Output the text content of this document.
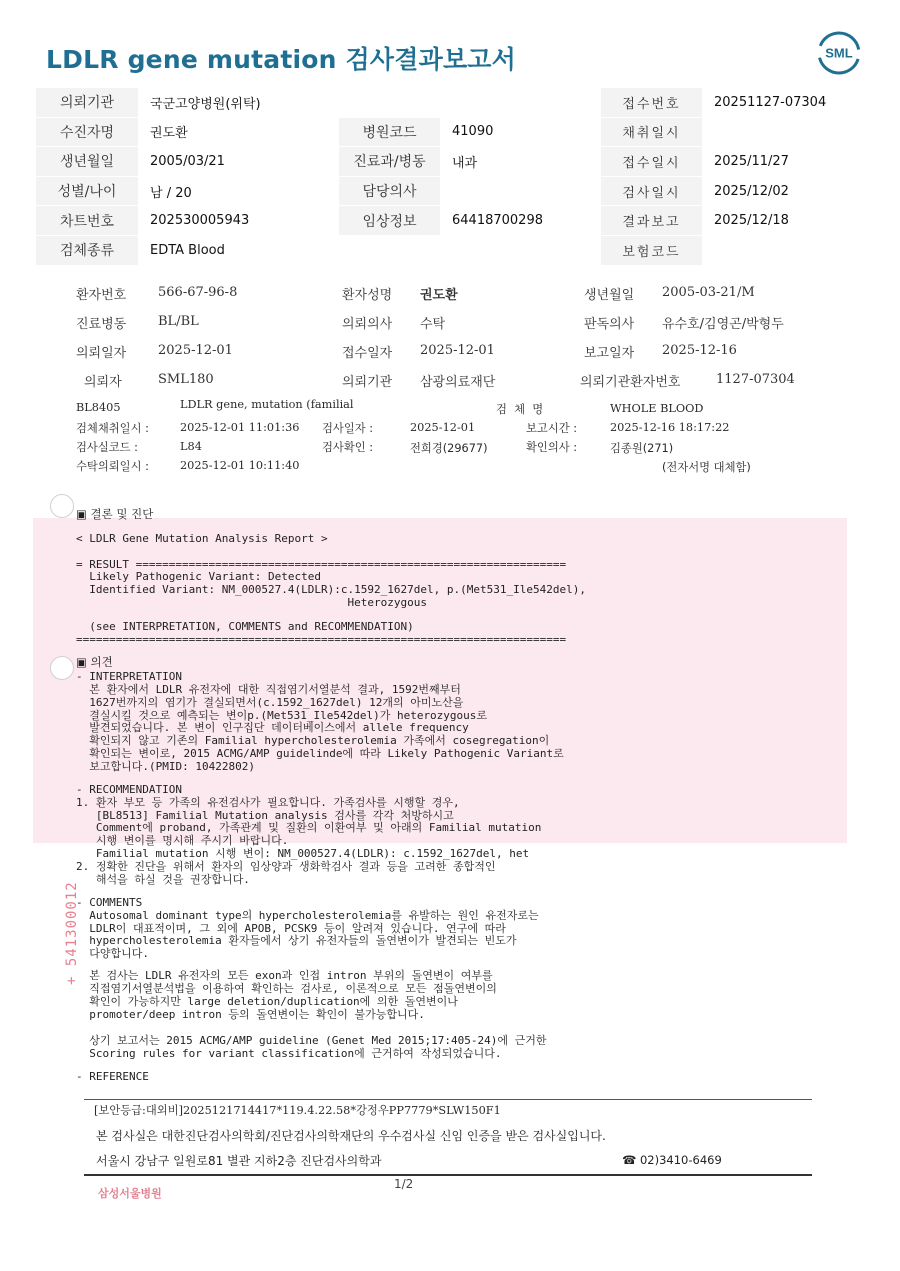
LDLR gene mutation 검사결과보고서	SML
의뢰기관	국군고양병원(위탁)			접수번호	20251127-07304
수진자명	권도환	병원코드	41090	채취일시	
생년월일	2005/03/21	진료과/병동	내과	접수일시	2025/11/27
성별/나이	남 / 20	담당의사		검사일시	2025/12/02
차트번호	202530005943	임상정보	64418700298	결과보고	2025/12/18
검체종류	EDTA Blood			보험코드	
환자번호 566-67-96-8	환자성명 권도환	생년월일 2005-03-21/M
진료병동 BL/BL	의뢰의사 수탁	판독의사 유수호/김영곤/박형두
의뢰일자 2025-12-01	접수일자 2025-12-01	보고일자 2025-12-16
의뢰자	SML180	의뢰기관 삼광의료재단	의뢰기관환자번호	1127-07304
BL8405	LDLR gene, mutation (familial	검  체  명	WHOLE BLOOD
검체채취일시 :	2025-12-01 11:01:36 검사일자 :	2025-12-01	보고시간 :	2025-12-16 18:17:22
검사실코드 :	L84	검사확인 :	전희경(29677)	확인의사 :	김종원(271)
수탁의뢰일시 :	2025-12-01 10:11:40	(전자서명 대체함)
▣ 결론 및 진단
< LDLR Gene Mutation Analysis Report >
= RESULT =================================================================
Likely Pathogenic Variant: Detected
Identified Variant: NM_000527.4(LDLR):c.1592_1627del, p.(Met531_Ile542del),
Heterozygous
(see INTERPRETATION, COMMENTS and RECOMMENDATION)
==========================================================================
▣ 의견
- INTERPRETATION
본 환자에서 LDLR 유전자에 대한 직접염기서열분석 결과, 1592번째부터
1627번까지의 염기가 결실되면서(c.1592_1627del) 12개의 아미노산을
결실시킬 것으로 예측되는 변이p.(Met531_Ile542del)가 heterozygous로
발견되었습니다. 본 변이 인구집단 데이터베이스에서 allele frequency
확인되지 않고 기존의 Familial hypercholesterolemia 가족에서 cosegregation이
확인되는 변이로, 2015 ACMG/AMP guidelinde에 따라 Likely Pathogenic Variant로
보고합니다.(PMID: 10422802)
- RECOMMENDATION
1. 환자 부모 등 가족의 유전검사가 필요합니다. 가족검사를 시행할 경우,
[BL8513] Familial Mutation analysis 검사를 각각 처방하시고
Comment에 proband, 가족관계 및 질환의 이환여부 및 아래의 Familial mutation
시행 변이를 명시해 주시기 바랍니다.
Familial mutation 시행 변이: NM_000527.4(LDLR): c.1592_1627del, het
2. 정확한 진단을 위해서 환자의 임상양과 생화학검사 결과 등을 고려한 종합적인
해석을 하실 것을 권장합니다.
- COMMENTS
Autosomal dominant type의 hypercholesterolemia를 유발하는 원인 유전자로는
LDLR이 대표적이며, 그 외에 APOB, PCSK9 등이 알려져 있습니다. 연구에 따라
hypercholesterolemia 환자들에서 상기 유전자들의 돌연변이가 발견되는 빈도가
다양합니다.
본 검사는 LDLR 유전자의 모든 exon과 인접 intron 부위의 돌연변이 여부를
직접염기서열분석법을 이용하여 확인하는 검사로, 이론적으로 모든 점돌연변이의
확인이 가능하지만 large deletion/duplication에 의한 돌연변이나
promoter/deep intron 등의 돌연변이는 확인이 불가능합니다.
상기 보고서는 2015 ACMG/AMP guideline (Genet Med 2015;17:405-24)에 근거한
Scoring rules for variant classification에 근거하여 작성되었습니다.
- REFERENCE
+ 541300012
[보안등급:대외비]2025121714417*119.4.22.58*강정우PP7779*SLW150F1
본 검사실은 대한진단검사의학회/진단검사의학재단의 우수검사실 신임 인증을 받은 검사실입니다.
서울시 강남구 일원로81 별관 지하2층 진단검사의학과	☎ 02)3410-6469
삼성서울병원
1/2
